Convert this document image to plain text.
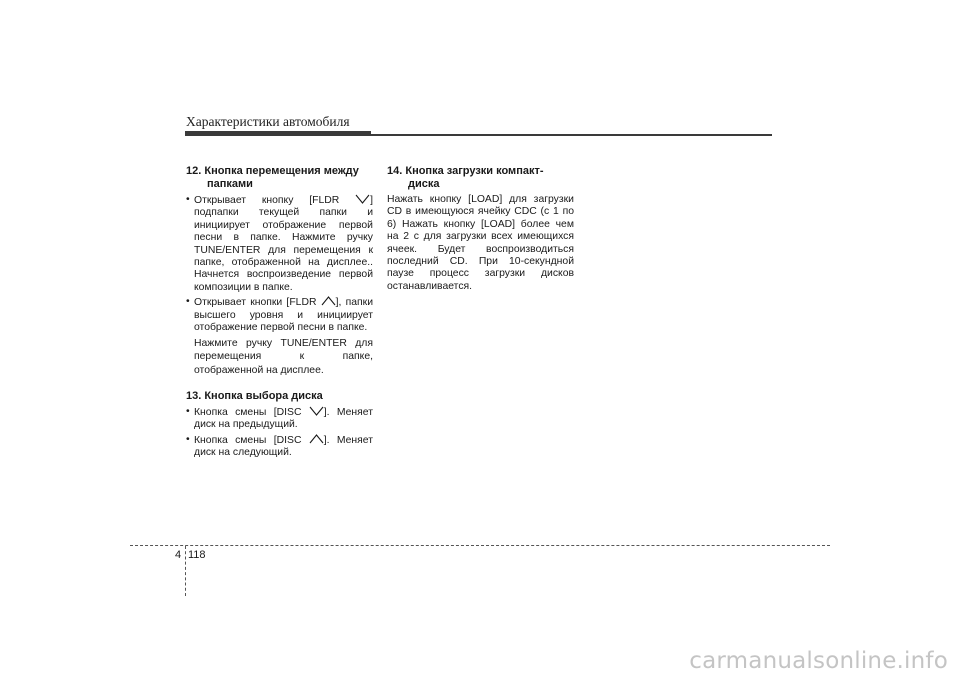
Характеристики автомобиля
12. Кнопка перемещения между
папками
• Открывает кнопку [FLDR
] подпапки текущей папки и инициирует отображение первой песни в папке. Нажмите ручку TUNE/ENTER для перемещения к папке, отображенной на дисплее.. Начнется воспроизведение первой композиции в папке.
• Открывает кнопки [FLDR
], папки высшего уровня и инициирует отображение первой песни в папке.
Нажмите ручку TUNE/ENTER для перемещения к папке,
отображенной на дисплее.
13. Кнопка выбора диска
• Кнопка смены [DISC
]. Меняет диск на предыдущий.
• Кнопка смены [DISC
]. Меняет диск на следующий.
14. Кнопка загрузки компакт-
диска

Нажать кнопку [LOAD] для загрузки CD в имеющуюся ячейку CDC (с 1 по 6) Нажать кнопку [LOAD] более чем на 2 с для загрузки всех имеющихся ячеек. Будет воспроизводиться последний CD. При 10-секундной паузе процесс загрузки дисков останавливается.

4 118
carmanualsonline.info
